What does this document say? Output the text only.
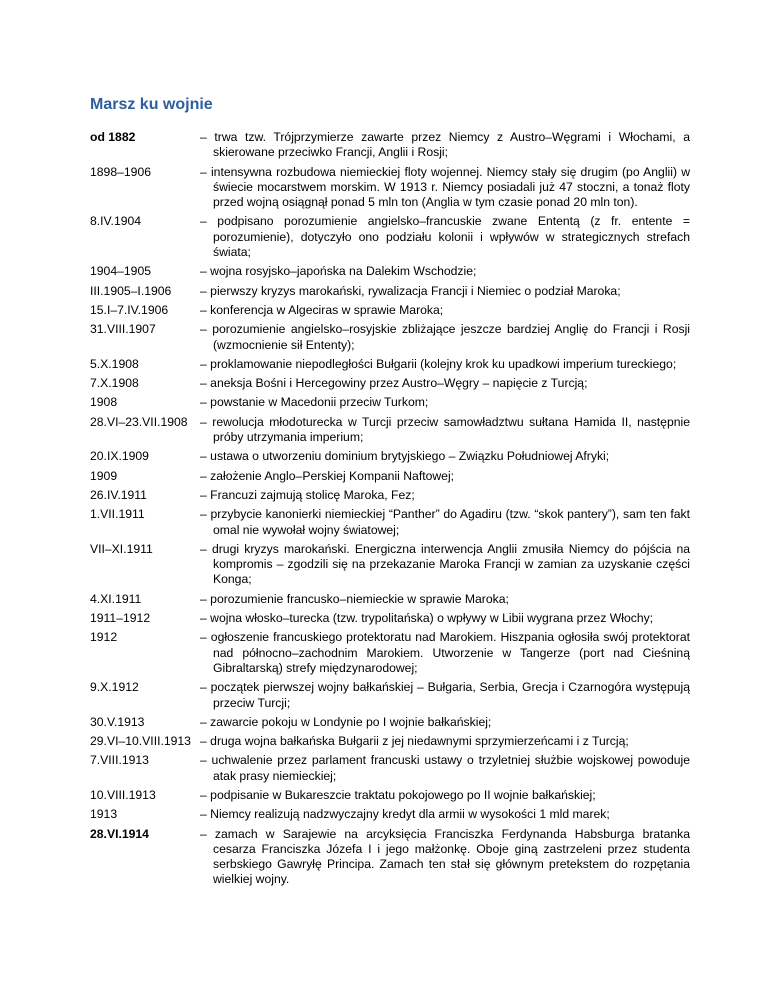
Marsz ku wojnie
od 1882	– trwa tzw. Trójprzymierze zawarte przez Niemcy z Austro–Węgrami i Włochami, a skierowane przeciwko Francji, Anglii i Rosji;
1898–1906	– intensywna rozbudowa niemieckiej floty wojennej. Niemcy stały się drugim (po Anglii) w świecie mocarstwem morskim. W 1913 r. Niemcy posiadali już 47 stoczni, a tonaż floty przed wojną osiągnął ponad 5 mln ton (Anglia w tym czasie ponad 20 mln ton).
8.IV.1904	– podpisano porozumienie angielsko–francuskie zwane Ententą (z fr. entente = porozumienie), dotyczyło ono podziału kolonii i wpływów w strategicznych strefach świata;
1904–1905	– wojna rosyjsko–japońska na Dalekim Wschodzie;
III.1905–I.1906	– pierwszy kryzys marokański, rywalizacja Francji i Niemiec o podział Maroka;
15.I–7.IV.1906	– konferencja w Algeciras w sprawie Maroka;
31.VIII.1907	– porozumienie angielsko–rosyjskie zbliżające jeszcze bardziej Anglię do Francji i Rosji (wzmocnienie sił Ententy);
5.X.1908	– proklamowanie niepodległości Bułgarii (kolejny krok ku upadkowi imperium tureckiego;
7.X.1908	– aneksja Bośni i Hercegowiny przez Austro–Węgry – napięcie z Turcją;
1908	– powstanie w Macedonii przeciw Turkom;
28.VI–23.VII.1908	– rewolucja młodoturecka w Turcji przeciw samowładztwu sułtana Hamida II, następnie próby utrzymania imperium;
20.IX.1909	– ustawa o utworzeniu dominium brytyjskiego – Związku Południowej Afryki;
1909	– założenie Anglo–Perskiej Kompanii Naftowej;
26.IV.1911	– Francuzi zajmują stolicę Maroka, Fez;
1.VII.1911	– przybycie kanonierki niemieckiej “Panther” do Agadiru (tzw. “skok pantery”), sam ten fakt omal nie wywołał wojny światowej;
VII–XI.1911	– drugi kryzys marokański. Energiczna interwencja Anglii zmusiła Niemcy do pójścia na kompromis – zgodzili się na przekazanie Maroka Francji w zamian za uzyskanie części Konga;
4.XI.1911	– porozumienie francusko–niemieckie w sprawie Maroka;
1911–1912	– wojna włosko–turecka (tzw. trypolitańska) o wpływy w Libii wygrana przez Włochy;
1912	– ogłoszenie francuskiego protektoratu nad Marokiem. Hiszpania ogłosiła swój protektorat nad północno–zachodnim Marokiem. Utworzenie w Tangerze (port nad Cieśniną Gibraltarską) strefy międzynarodowej;
9.X.1912	– początek pierwszej wojny bałkańskiej – Bułgaria, Serbia, Grecja i Czarnogóra występują przeciw Turcji;
30.V.1913	– zawarcie pokoju w Londynie po I wojnie bałkańskiej;
29.VI–10.VIII.1913 – druga wojna bałkańska Bułgarii z jej niedawnymi sprzymierzeńcami i z Turcją;
7.VIII.1913	– uchwalenie przez parlament francuski ustawy o trzyletniej służbie wojskowej powoduje atak prasy niemieckiej;
10.VIII.1913	– podpisanie w Bukareszcie traktatu pokojowego po II wojnie bałkańskiej;
1913	– Niemcy realizują nadzwyczajny kredyt dla armii w wysokości 1 mld marek;
28.VI.1914	– zamach w Sarajewie na arcyksięcia Franciszka Ferdynanda Habsburga bratanka cesarza Franciszka Józefa I i jego małżonkę. Oboje giną zastrzeleni przez studenta serbskiego Gawryłę Principa. Zamach ten stał się głównym pretekstem do rozpętania wielkiej wojny.
